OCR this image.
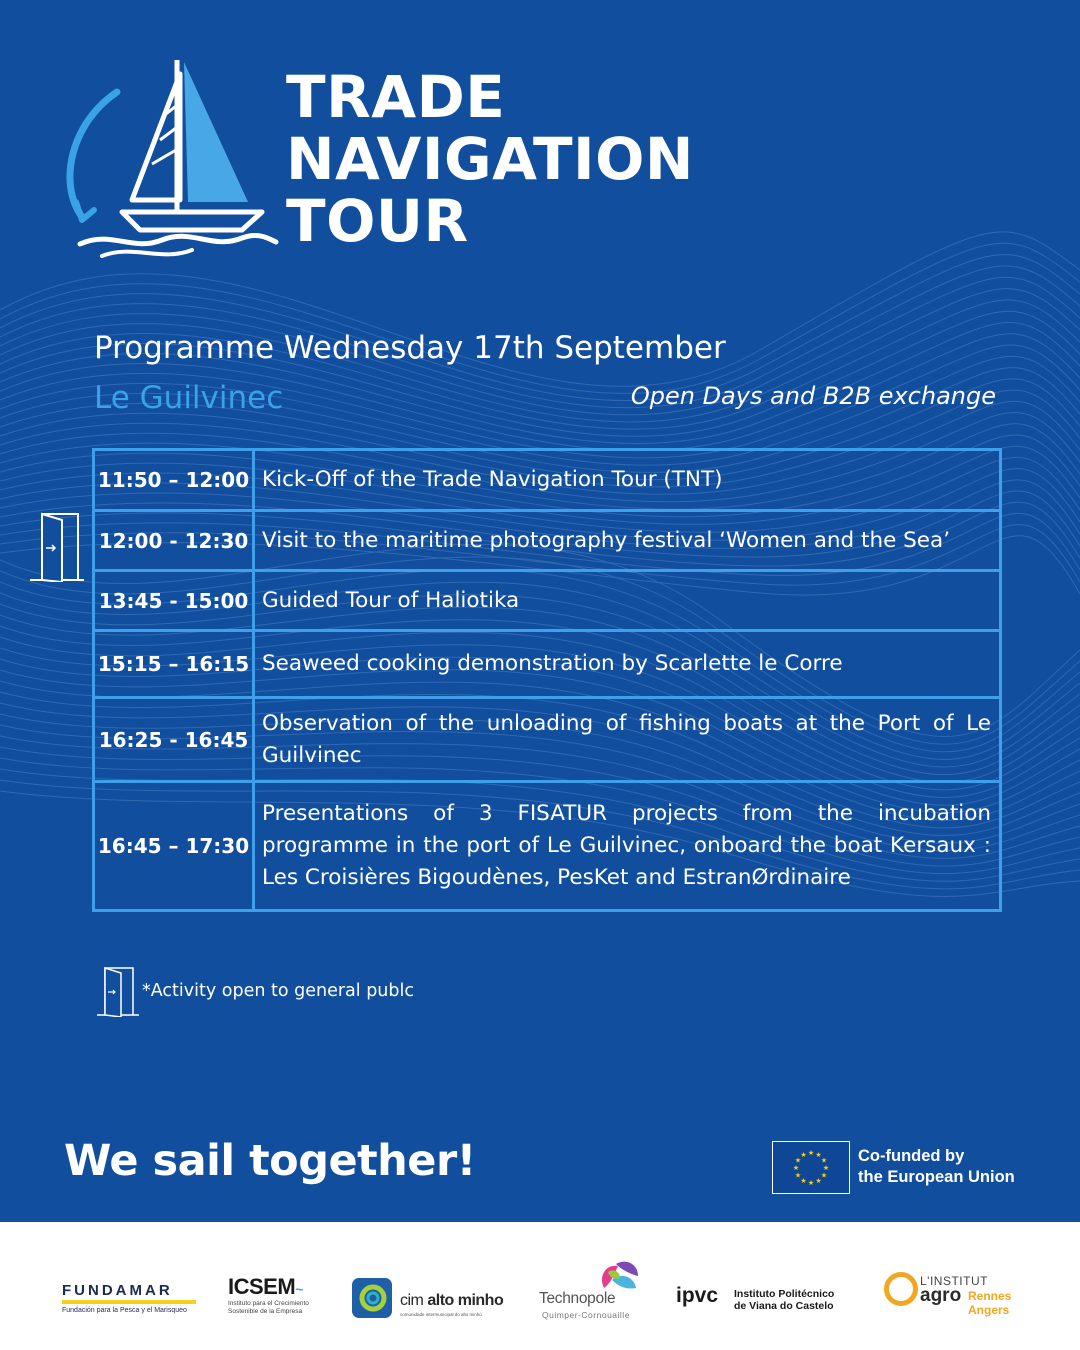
TRADE
NAVIGATION
TOUR
Programme Wednesday 17th September
Le Guilvinec	Open Days and B2B exchange
11:50 – 12:00	Kick-Off of the Trade Navigation Tour (TNT)
12:00 - 12:30	Visit to the maritime photography festival ‘Women and the Sea’
13:45 - 15:00	Guided Tour of Haliotika
15:15 – 16:15	Seaweed cooking demonstration by Scarlette le Corre
16:25 - 16:45	Observation of the unloading of fishing boats at the Port of Le Guilvinec
16:45 – 17:30	Presentations of 3 FISATUR projects from the incubation programme in the port of Le Guilvinec, onboard the boat Kersaux : Les Croisières Bigoudènes, PesKet and EstranØrdinaire
*Activity open to general publc
We sail together!	★ ★
★
★
★
★
★
★
★
★
★
★	Co-funded by
the European Union
FUNDAMAR
Fundación para la Pesca y el Marisqueo
ICSEM~
Instituto para el Crecimiento
Sostenible de la Empresa
cim alto minho
comunidade intermunicipal do alto minho
Technopole
Quimper-Cornouaille
ipvc Instituto Politécnico
de Viana do Castelo
L'INSTITUT
agro Rennes
Angers
